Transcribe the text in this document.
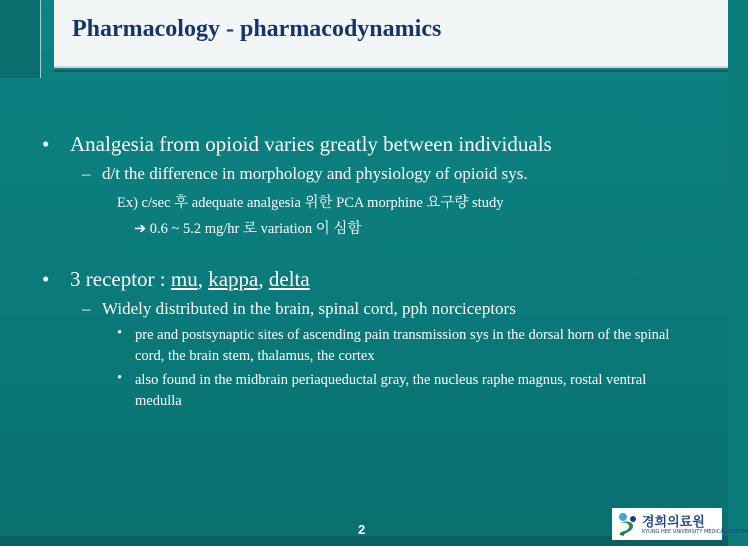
Pharmacology - pharmacodynamics
• Analgesia from opioid varies greatly between individuals
– d/t the difference in morphology and physiology of opioid sys.
Ex) c/sec 후 adequate analgesia 위한 PCA morphine 요구량 study
➔ 0.6 ~ 5.2 mg/hr 로 variation 이 심함
• 3 receptor : mu, kappa, delta
– Widely distributed in the brain, spinal cord, pph norciceptors
• pre and postsynaptic sites of ascending pain transmission sys in the dorsal horn of the spinal cord, the brain stem, thalamus, the cortex
• also found in the midbrain periaqueductal gray, the nucleus raphe magnus, rostal ventral medulla
2	경희의료원
KYUNG HEE UNIVERSITY MEDICAL CENTER
